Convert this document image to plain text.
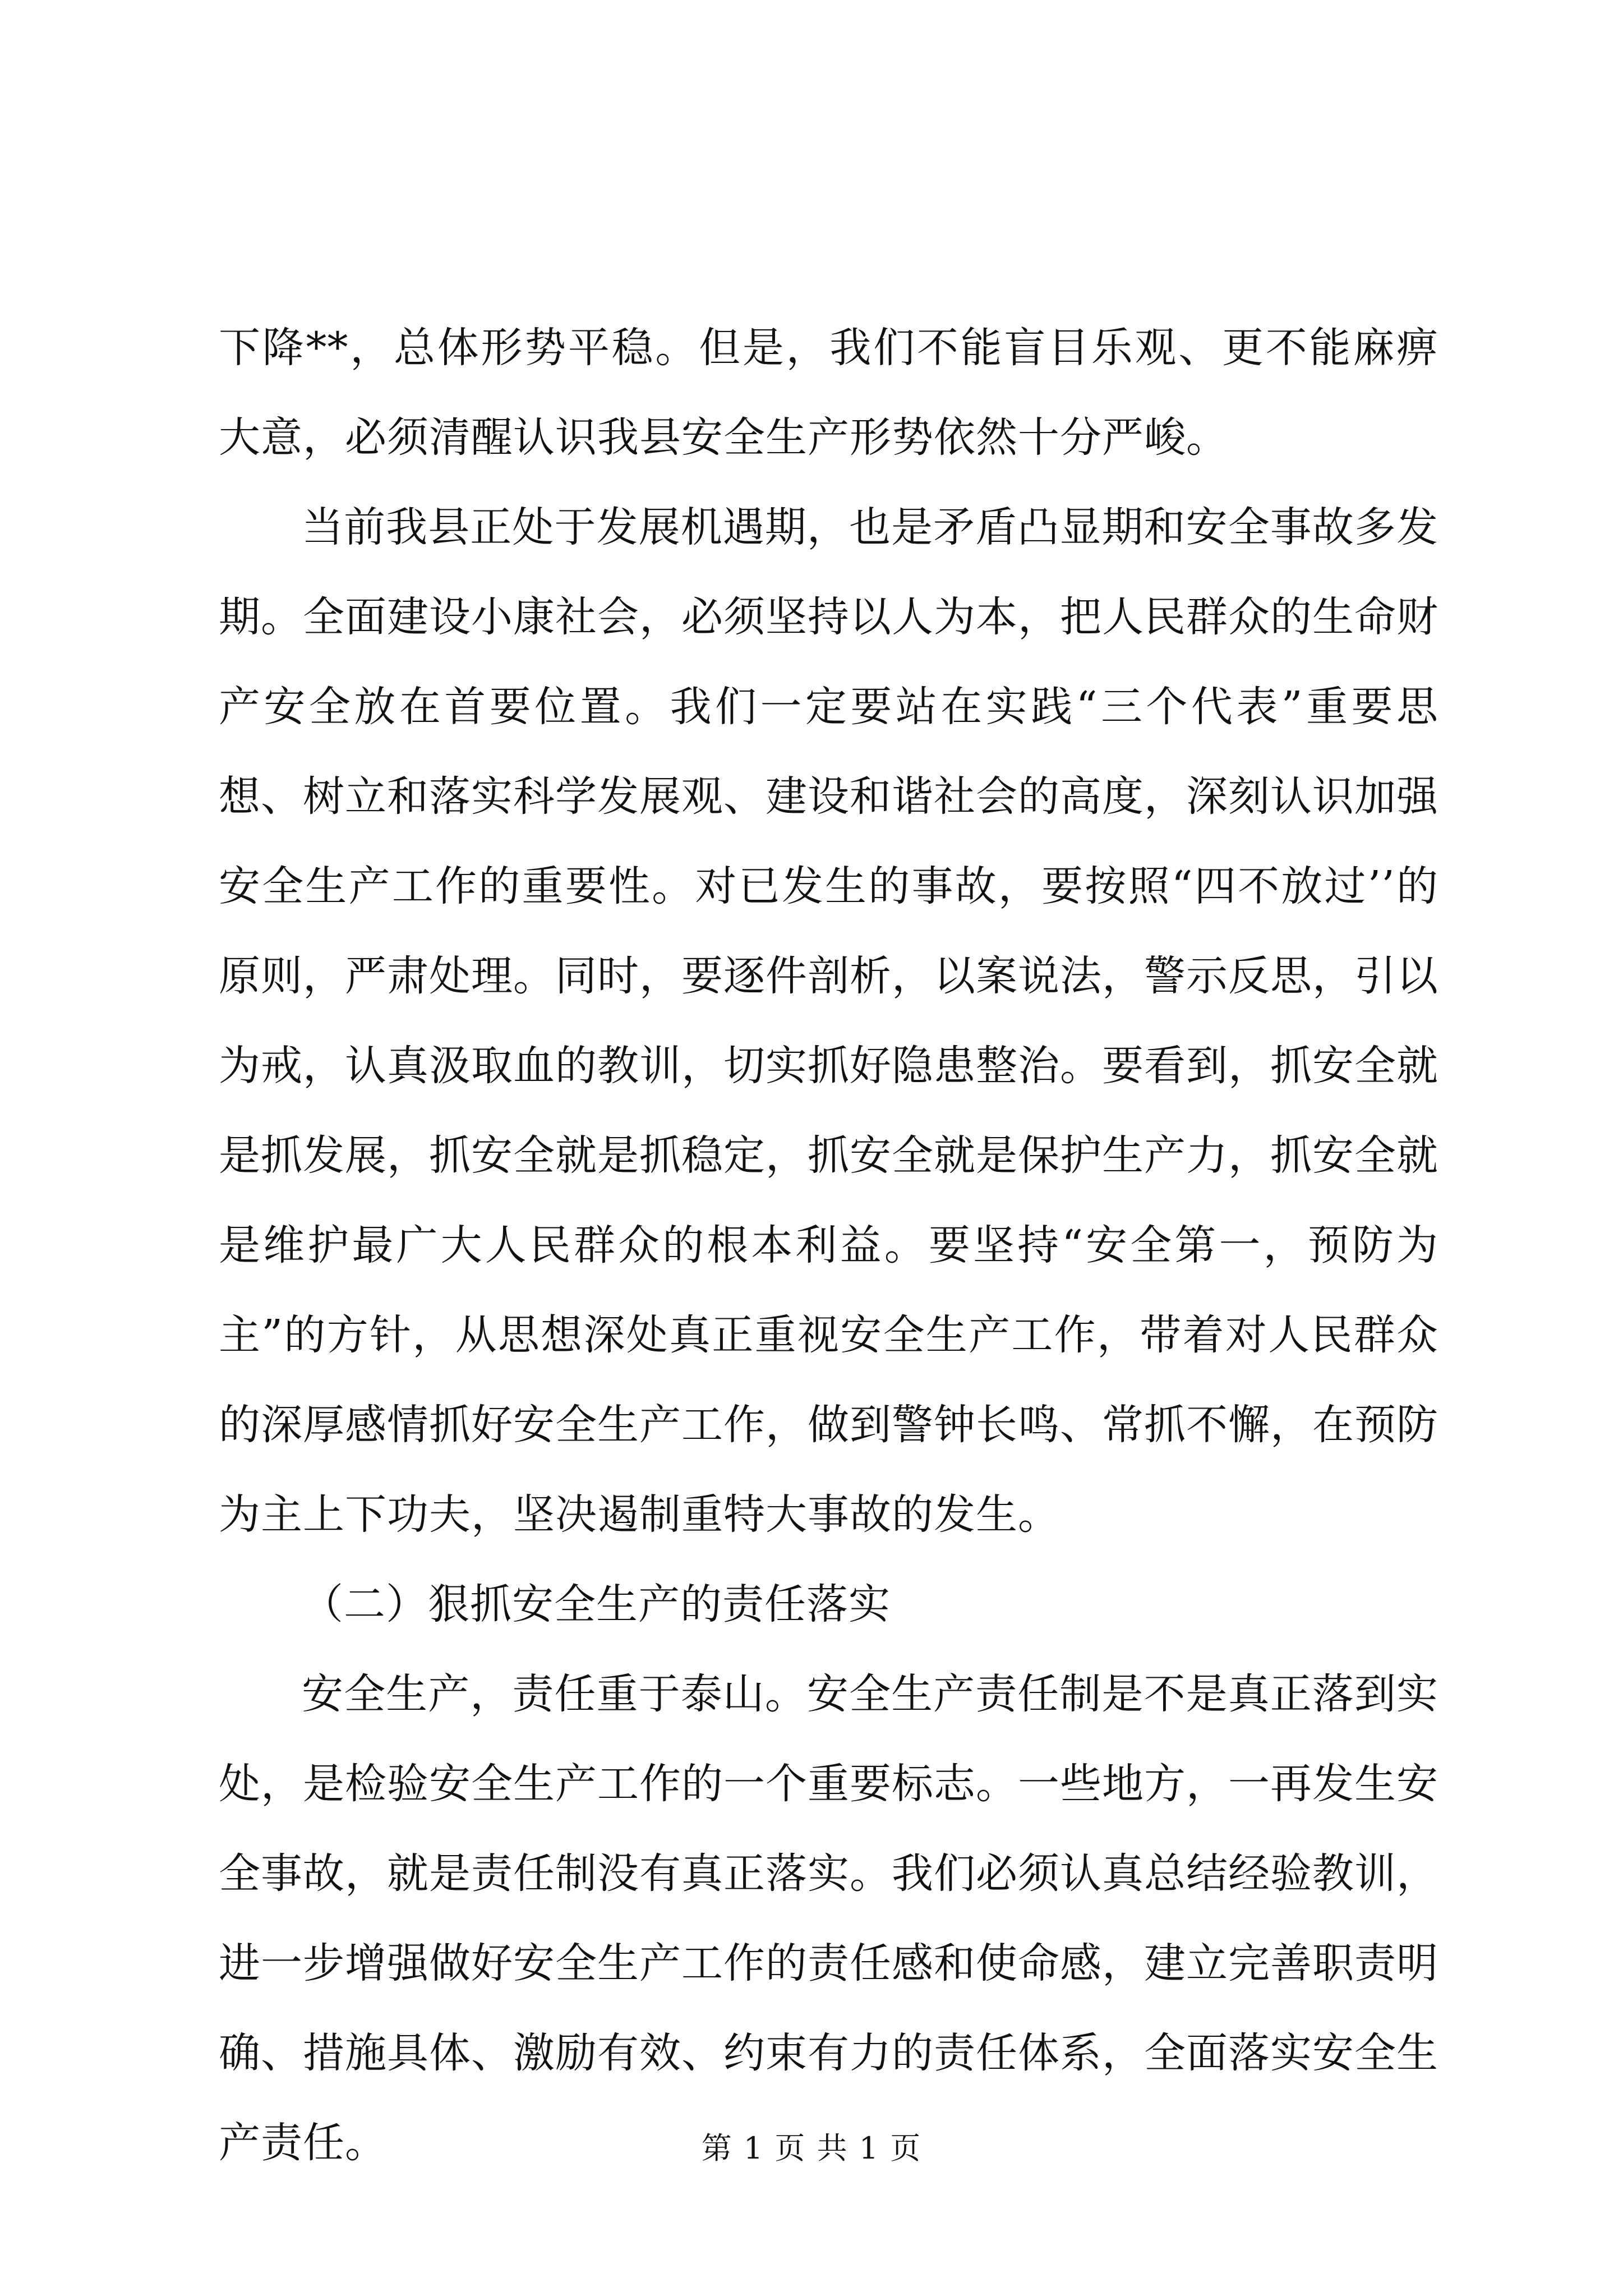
下降**，总体形势平稳。但是，我们不能盲目乐观、更不能麻痹大意，必须清醒认识我县安全生产形势依然十分严峻。

当前我县正处于发展机遇期，也是矛盾凸显期和安全事故多发期。全面建设小康社会，必须坚持以人为本，把人民群众的生命财产安全放在首要位置。我们一定要站在实践“三个代表”重要思想、树立和落实科学发展观、建设和谐社会的高度，深刻认识加强安全生产工作的重要性。对已发生的事故，要按照“四不放过’’的原则，严肃处理。同时，要逐件剖析，以案说法，警示反思，引以为戒，认真汲取血的教训，切实抓好隐患整治。要看到，抓安全就是抓发展，抓安全就是抓稳定，抓安全就是保护生产力，抓安全就是维护最广大人民群众的根本利益。要坚持“安全第一，预防为主”的方针，从思想深处真正重视安全生产工作，带着对人民群众的深厚感情抓好安全生产工作，做到警钟长鸣、常抓不懈，在预防为主上下功夫，坚决遏制重特大事故的发生。

（二）狠抓安全生产的责任落实

安全生产，责任重于泰山。安全生产责任制是不是真正落到实处，是检验安全生产工作的一个重要标志。一些地方，一再发生安全事故，就是责任制没有真正落实。我们必须认真总结经验教训，进一步增强做好安全生产工作的责任感和使命感，建立完善职责明确、措施具体、激励有效、约束有力的责任体系，全面落实安全生产责任。	第 1 页 共 1 页
